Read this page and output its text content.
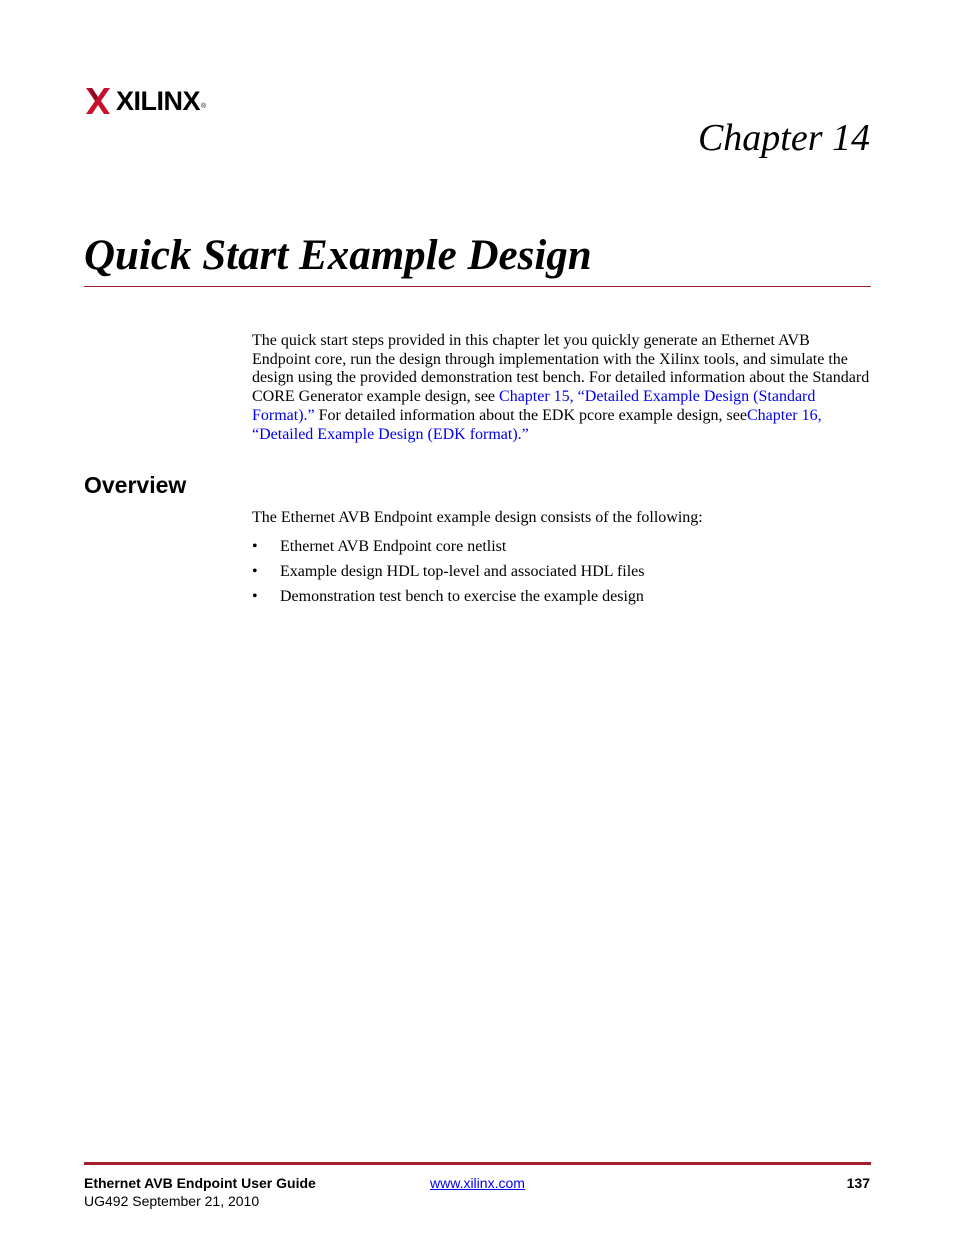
XILINX ®
Chapter 14
Quick Start Example Design

The quick start steps provided in this chapter let you quickly generate an Ethernet AVB Endpoint core, run the design through implementation with the Xilinx tools, and simulate the design using the provided demonstration test bench. For detailed information about the Standard CORE Generator example design, see Chapter 15, “Detailed Example Design (Standard Format).” For detailed information about the EDK pcore example design, seeChapter 16, “Detailed Example Design (EDK format).”

Overview

The Ethernet AVB Endpoint example design consists of the following:

• Ethernet AVB Endpoint core netlist
• Example design HDL top-level and associated HDL files
• Demonstration test bench to exercise the example design
Ethernet AVB Endpoint User Guide
UG492 September 21, 2010
www.xilinx.com	137
